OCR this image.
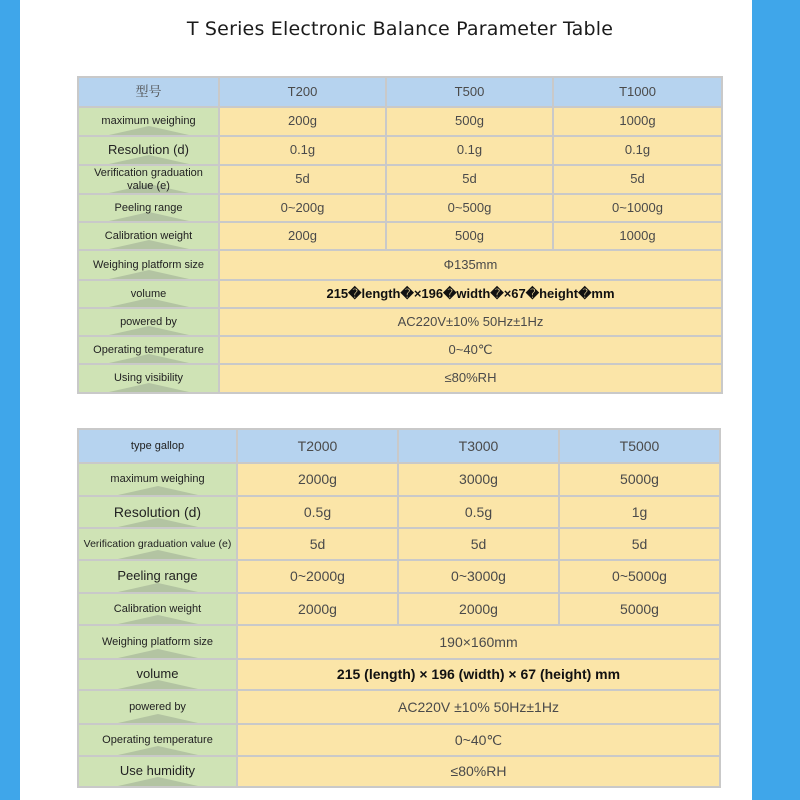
T Series Electronic Balance Parameter Table
型号	T200	T500	T1000
maximum weighing	200g	500g	1000g
Resolution (d)	0.1g	0.1g	0.1g
Verification graduation value (e)	5d	5d	5d
Peeling range	0~200g	0~500g	0~1000g
Calibration weight	200g	500g	1000g
Weighing platform size	Φ135mm		
volume	215�length�×196�width�×67�height�mm		
powered by	AC220V±10% 50Hz±1Hz		
Operating temperature	0~40℃		
Using visibility	≤80%RH		
type gallop	T2000	T3000	T5000
maximum weighing	2000g	3000g	5000g
Resolution (d)	0.5g	0.5g	1g
Verification graduation value (e)	5d	5d	5d
Peeling range	0~2000g	0~3000g	0~5000g
Calibration weight	2000g	2000g	5000g
Weighing platform size	190×160mm		
volume	215 (length) × 196 (width) × 67 (height) mm		
powered by	AC220V ±10% 50Hz±1Hz		
Operating temperature	0~40℃		
Use humidity	≤80%RH		
